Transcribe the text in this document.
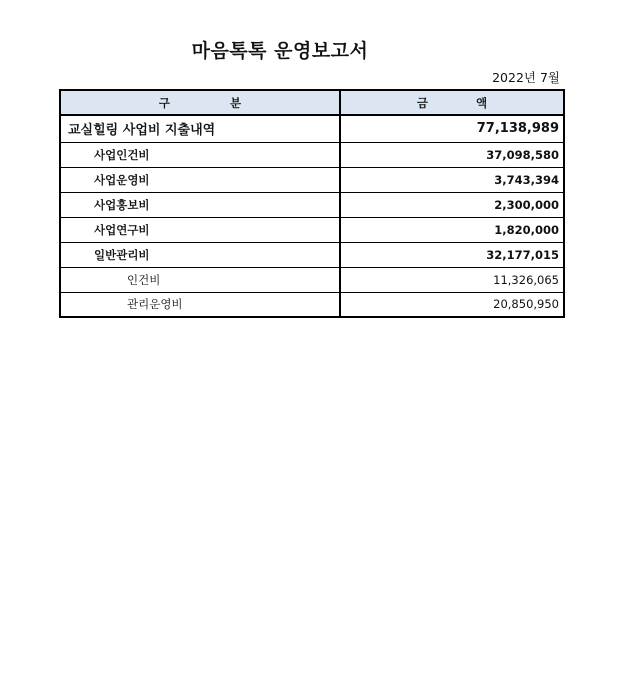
마음톡톡 운영보고서
2022년 7월
구 분	금 액
교실힐링 사업비 지출내역	77,138,989
사업인건비	37,098,580
사업운영비	3,743,394
사업홍보비	2,300,000
사업연구비	1,820,000
일반관리비	32,177,015
인건비	11,326,065
관리운영비	20,850,950
